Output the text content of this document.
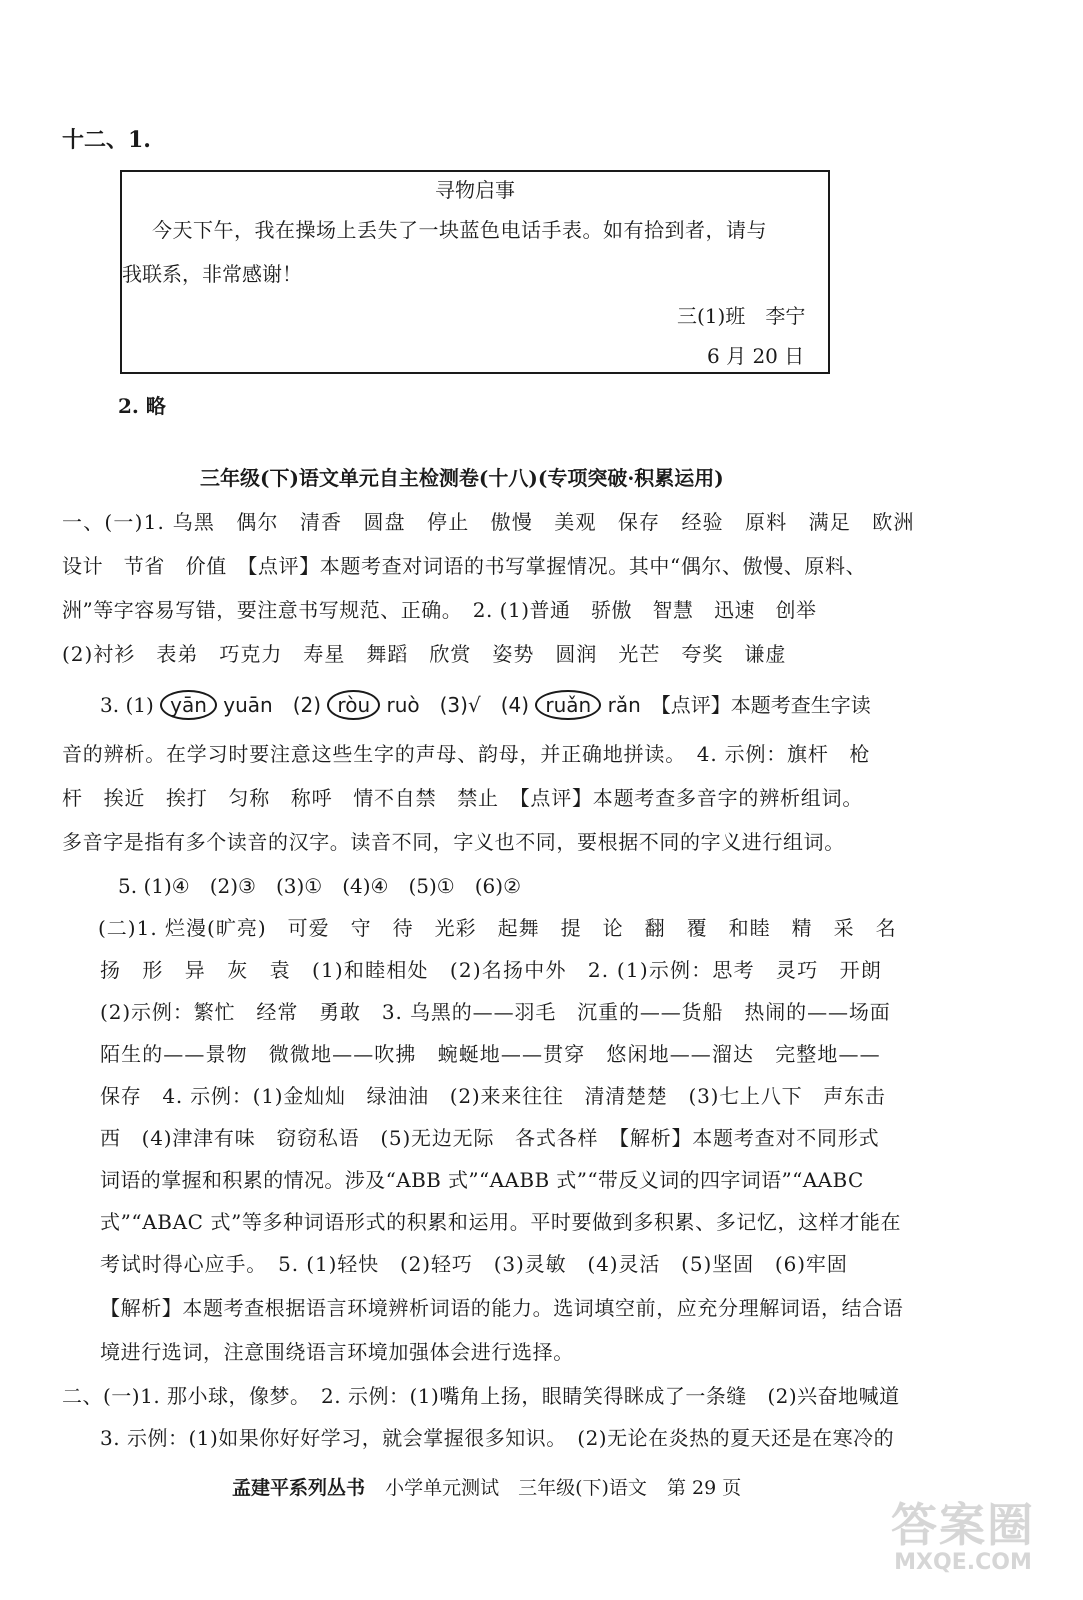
十二、1.
寻物启事
今天下午，我在操场上丢失了一块蓝色电话手表。如有拾到者，请与
我联系，非常感谢！
三(1)班　李宁
6 月 20 日
2. 略
三年级(下)语文单元自主检测卷(十八)(专项突破·积累运用)
一、(一)1. 乌黑　偶尔　清香　圆盘　停止　傲慢　美观　保存　经验　原料　满足　欧洲
设计　节省　价值　【点评】本题考查对词语的书写掌握情况。其中“偶尔、傲慢、原料、
洲”等字容易写错，要注意书写规范、正确。　2. (1)普通　骄傲　智慧　迅速　创举
(2)衬衫　表弟　巧克力　寿星　舞蹈　欣赏　姿势　圆润　光芒　夸奖　谦虚
3. (1) yān yuān　(2) ròu ruò　(3)√　(4) ruǎn rǎn　【点评】本题考查生字读
音的辨析。在学习时要注意这些生字的声母、韵母，并正确地拼读。　4. 示例：旗杆　枪
杆　挨近　挨打　匀称　称呼　情不自禁　禁止　【点评】本题考查多音字的辨析组词。
多音字是指有多个读音的汉字。读音不同，字义也不同，要根据不同的字义进行组词。
5. (1)④　(2)③　(3)①　(4)④　(5)①　(6)②
(二)1. 烂漫(旷亮)　可爱　守　待　光彩　起舞　提　论　翻　覆　和睦　精　采　名
扬　形　异　灰　袁　(1)和睦相处　(2)名扬中外　2. (1)示例：思考　灵巧　开朗
(2)示例：繁忙　经常　勇敢　3. 乌黑的——羽毛　沉重的——货船　热闹的——场面
陌生的——景物　微微地——吹拂　蜿蜒地——贯穿　悠闲地——溜达　完整地——
保存　4. 示例：(1)金灿灿　绿油油　(2)来来往往　清清楚楚　(3)七上八下　声东击
西　(4)津津有味　窃窃私语　(5)无边无际　各式各样　【解析】本题考查对不同形式
词语的掌握和积累的情况。涉及“ABB 式”“AABB 式”“带反义词的四字词语”“AABC
式”“ABAC 式”等多种词语形式的积累和运用。平时要做到多积累、多记忆，这样才能在
考试时得心应手。　5. (1)轻快　(2)轻巧　(3)灵敏　(4)灵活　(5)坚固　(6)牢固
【解析】本题考查根据语言环境辨析词语的能力。选词填空前，应充分理解词语，结合语
境进行选词，注意围绕语言环境加强体会进行选择。
二、(一)1. 那小球，像梦。　2. 示例：(1)嘴角上扬，眼睛笑得眯成了一条缝　(2)兴奋地喊道
3. 示例：(1)如果你好好学习，就会掌握很多知识。　(2)无论在炎热的夏天还是在寒冷的
孟建平系列丛书 小学单元测试　三年级(下)语文 第 29 页
答案圈
MXQE.COM
